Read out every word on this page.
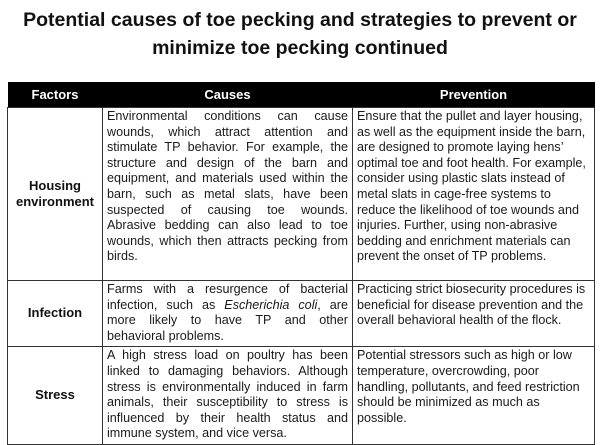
Potential causes of toe pecking and strategies to prevent or
minimize toe pecking continued
Factors	Causes	Prevention
Housing environment	Environmental conditions can cause wounds, which attract attention and stimulate TP behavior. For example, the structure and design of the barn and equipment, and materials used within the barn, such as metal slats, have been suspected of causing toe wounds. Abrasive bedding can also lead to toe wounds, which then attracts pecking from birds.	Ensure that the pullet and layer housing, as well as the equipment inside the barn, are designed to promote laying hens’ optimal toe and foot health. For example, consider using plastic slats instead of metal slats in cage-free systems to reduce the likelihood of toe wounds and injuries. Further, using non-abrasive bedding and enrichment materials can prevent the onset of TP problems.
Infection	Farms with a resurgence of bacterial infection, such as Escherichia coli, are more likely to have TP and other behavioral problems.	Practicing strict biosecurity procedures is beneficial for disease prevention and the overall behavioral health of the flock.
Stress	A high stress load on poultry has been linked to damaging behaviors. Although stress is environmentally induced in farm animals, their susceptibility to stress is influenced by their health status and immune system, and vice versa.	Potential stressors such as high or low temperature, overcrowding, poor handling, pollutants, and feed restriction should be minimized as much as possible.
